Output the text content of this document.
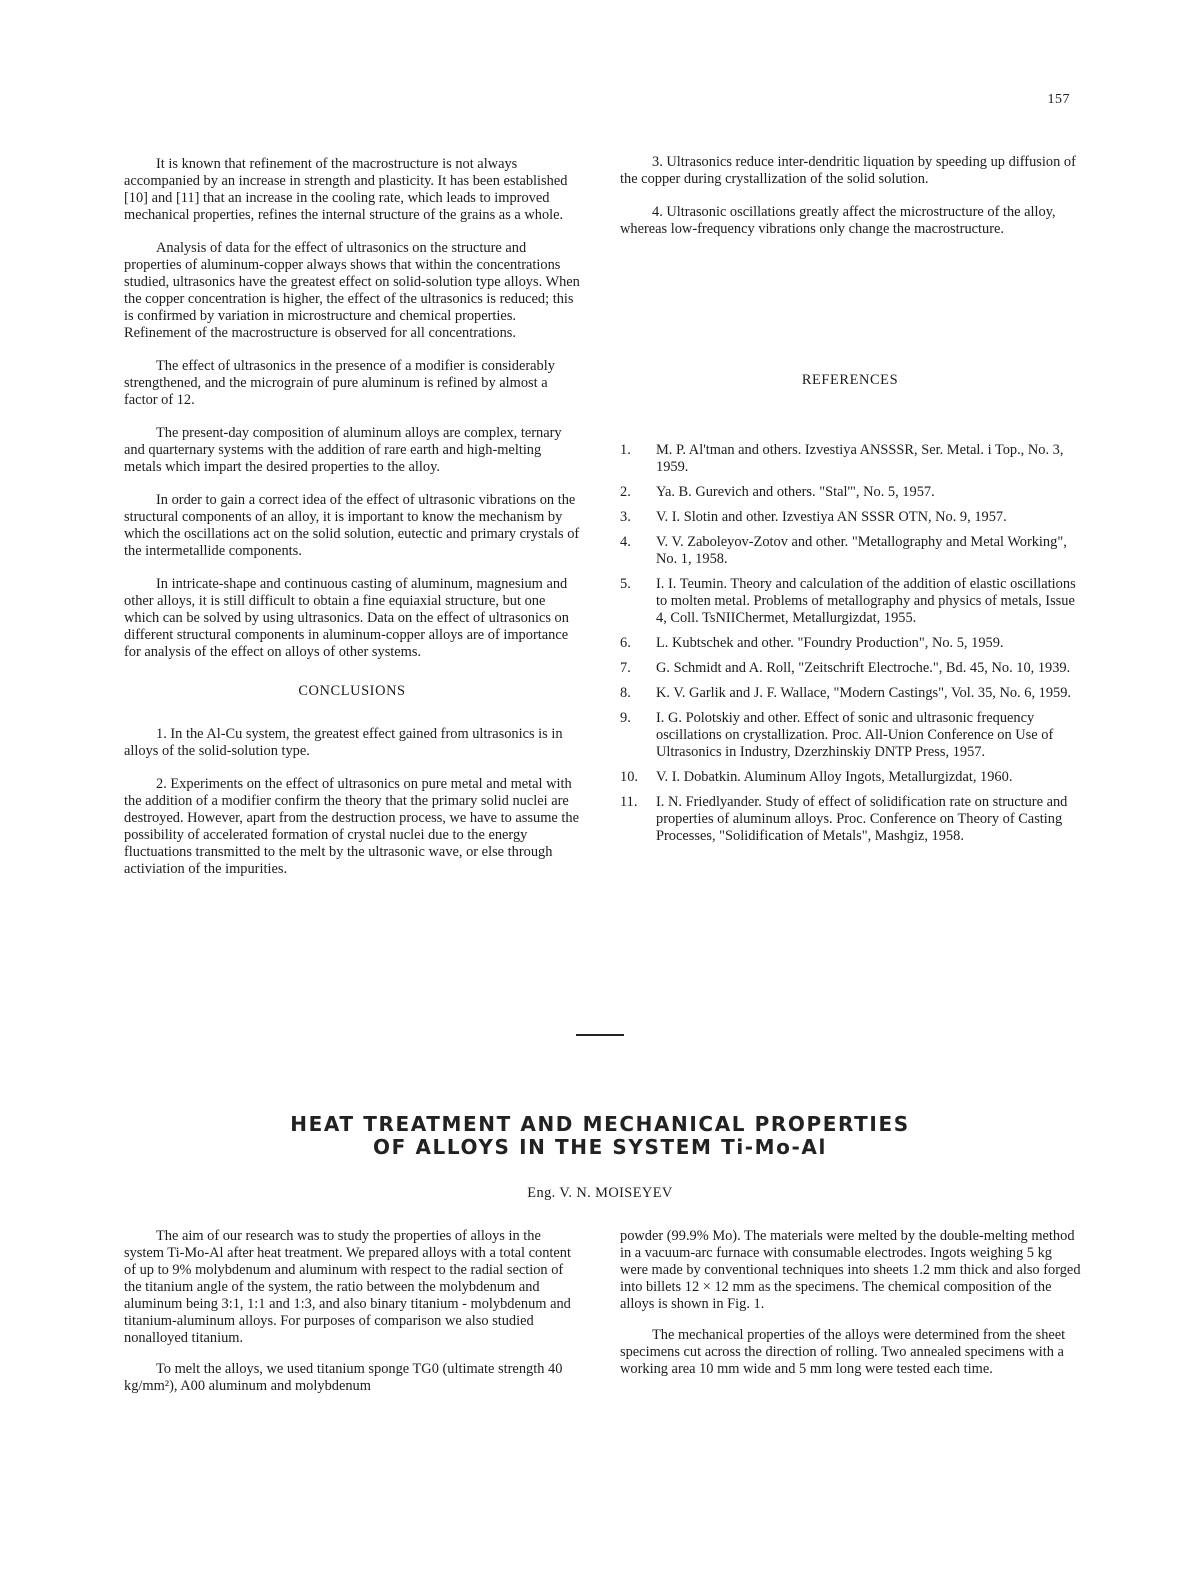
157

It is known that refinement of the macrostructure is not always accompanied by an increase in strength and plasticity. It has been established [10] and [11] that an increase in the cooling rate, which leads to improved mechanical properties, refines the internal structure of the grains as a whole.

Analysis of data for the effect of ultrasonics on the structure and properties of aluminum-copper always shows that within the concentrations studied, ultrasonics have the greatest effect on solid-solution type alloys. When the copper concentration is higher, the effect of the ultrasonics is reduced; this is confirmed by variation in microstructure and chemical properties. Refinement of the macrostructure is observed for all concentrations.

The effect of ultrasonics in the presence of a modifier is considerably strengthened, and the micrograin of pure aluminum is refined by almost a factor of 12.

The present-day composition of aluminum alloys are complex, ternary and quarternary systems with the addition of rare earth and high-melting metals which impart the desired properties to the alloy.

In order to gain a correct idea of the effect of ultrasonic vibrations on the structural components of an alloy, it is important to know the mechanism by which the oscillations act on the solid solution, eutectic and primary crystals of the intermetallide components.

In intricate-shape and continuous casting of aluminum, magnesium and other alloys, it is still difficult to obtain a fine equiaxial structure, but one which can be solved by using ultrasonics. Data on the effect of ultrasonics on different structural components in aluminum-copper alloys are of importance for analysis of the effect on alloys of other systems.

CONCLUSIONS

1. In the Al-Cu system, the greatest effect gained from ultrasonics is in alloys of the solid-solution type.

2. Experiments on the effect of ultrasonics on pure metal and metal with the addition of a modifier confirm the theory that the primary solid nuclei are destroyed. However, apart from the destruction process, we have to assume the possibility of accelerated formation of crystal nuclei due to the energy fluctuations transmitted to the melt by the ultrasonic wave, or else through activiation of the impurities.

3. Ultrasonics reduce inter-dendritic liquation by speeding up diffusion of the copper during crystallization of the solid solution.

4. Ultrasonic oscillations greatly affect the microstructure of the alloy, whereas low-frequency vibrations only change the macrostructure.

REFERENCES
1.	M. P. Al'tman and others. Izvestiya ANSSSR, Ser. Metal. i Top., No. 3, 1959.
2.	Ya. B. Gurevich and others. "Stal'", No. 5, 1957.
3.	V. I. Slotin and other. Izvestiya AN SSSR OTN, No. 9, 1957.
4.	V. V. Zaboleyov-Zotov and other. "Metallography and Metal Working", No. 1, 1958.
5.	I. I. Teumin. Theory and calculation of the addition of elastic oscillations to molten metal. Problems of metallography and physics of metals, Issue 4, Coll. TsNIIChermet, Metallurgizdat, 1955.
6.	L. Kubtschek and other. "Foundry Production", No. 5, 1959.
7.	G. Schmidt and A. Roll, "Zeitschrift Electroche.", Bd. 45, No. 10, 1939.
8.	K. V. Garlik and J. F. Wallace, "Modern Castings", Vol. 35, No. 6, 1959.
9.	I. G. Polotskiy and other. Effect of sonic and ultrasonic frequency oscillations on crystallization. Proc. All-Union Conference on Use of Ultrasonics in Industry, Dzerzhinskiy DNTP Press, 1957.
10.	V. I. Dobatkin. Aluminum Alloy Ingots, Metallurgizdat, 1960.
11.	I. N. Friedlyander. Study of effect of solidification rate on structure and properties of aluminum alloys. Proc. Conference on Theory of Casting Processes, "Solidification of Metals", Mashgiz, 1958.
HEAT TREATMENT AND MECHANICAL PROPERTIES
OF ALLOYS IN THE SYSTEM Ti-Mo-Al
Eng. V. N. MOISEYEV

The aim of our research was to study the properties of alloys in the system Ti-Mo-Al after heat treatment. We prepared alloys with a total content of up to 9% molybdenum and aluminum with respect to the radial section of the titanium angle of the system, the ratio between the molybdenum and aluminum being 3:1, 1:1 and 1:3, and also binary titanium - molybdenum and titanium-aluminum alloys. For purposes of comparison we also studied nonalloyed titanium.

To melt the alloys, we used titanium sponge TG0 (ultimate strength 40 kg/mm²), A00 aluminum and molybdenum

powder (99.9% Mo). The materials were melted by the double-melting method in a vacuum-arc furnace with consumable electrodes. Ingots weighing 5 kg were made by conventional techniques into sheets 1.2 mm thick and also forged into billets 12 × 12 mm as the specimens. The chemical composition of the alloys is shown in Fig. 1.

The mechanical properties of the alloys were determined from the sheet specimens cut across the direction of rolling. Two annealed specimens with a working area 10 mm wide and 5 mm long were tested each time.
